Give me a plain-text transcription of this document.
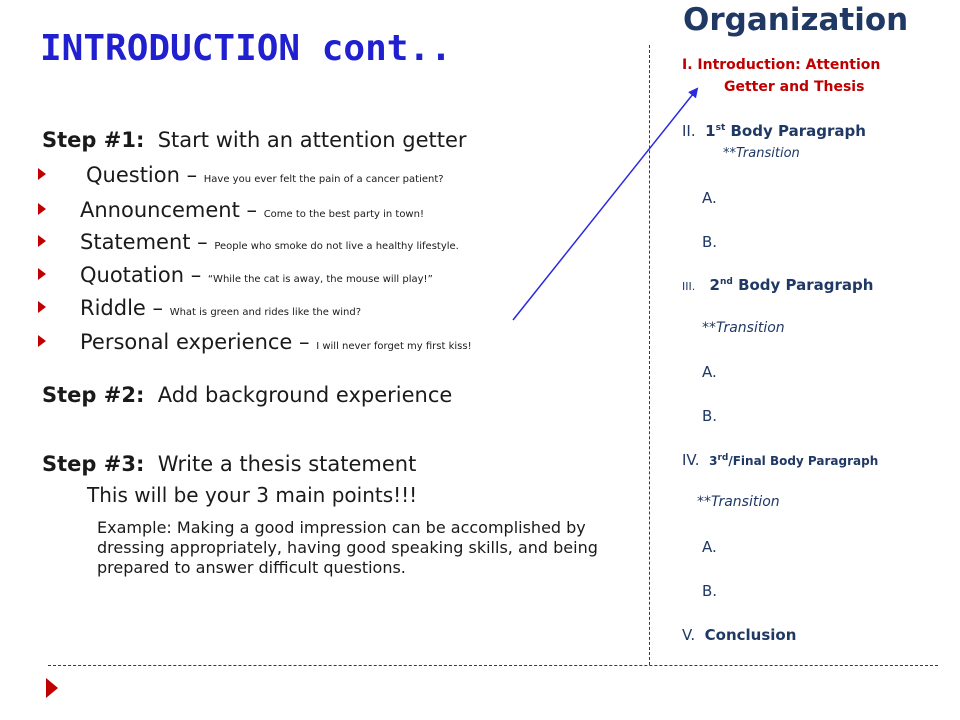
INTRODUCTION cont..
Step #1: Start with an attention getter
Question – Have you ever felt the pain of a cancer patient?
Announcement – Come to the best party in town!
Statement – People who smoke do not live a healthy lifestyle.
Quotation – “While the cat is away, the mouse will play!”
Riddle – What is green and rides like the wind?
Personal experience – I will never forget my first kiss!
Step #2: Add background experience
Step #3: Write a thesis statement
This will be your 3 main points!!!
Example: Making a good impression can be accomplished by dressing appropriately, having good speaking skills, and being prepared to answer difficult questions.
Organization
I. Introduction: Attention
Getter and Thesis
II. 1st Body Paragraph
**Transition
A.
B.
III. 2nd Body Paragraph
**Transition
A.
B.
IV. 3rd/Final Body Paragraph
**Transition
A.
B.
V. Conclusion
